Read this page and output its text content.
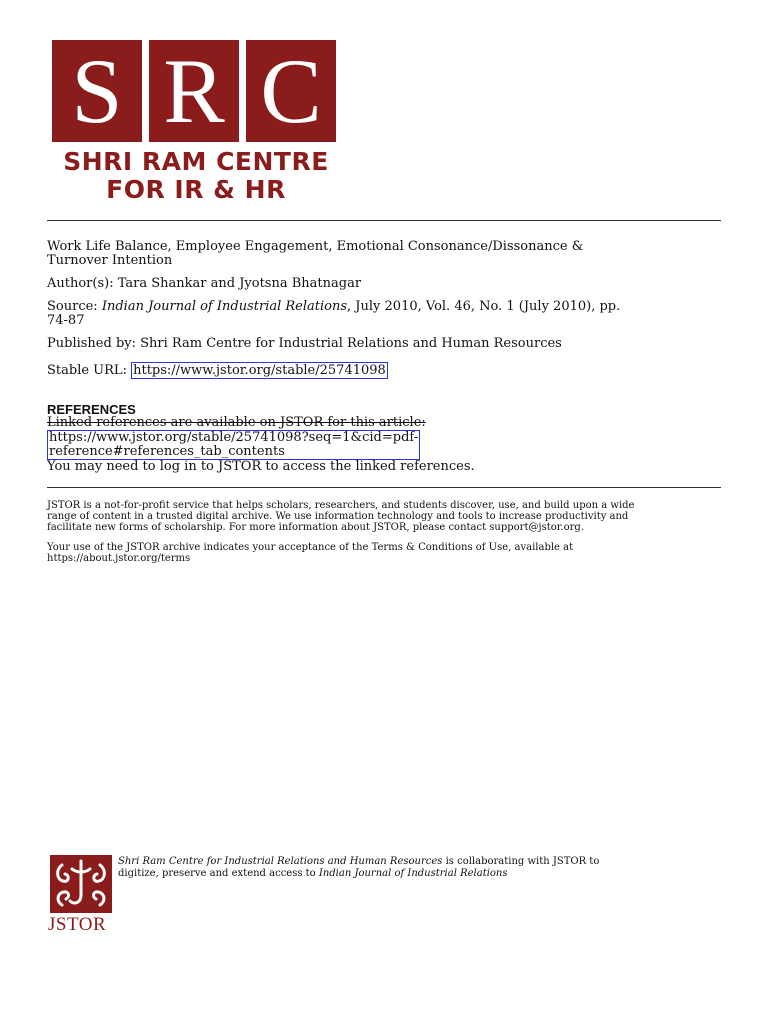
S R C
SHRI RAM CENTRE
FOR IR & HR
Work Life Balance, Employee Engagement, Emotional Consonance/Dissonance &
Turnover Intention
Author(s): Tara Shankar and Jyotsna Bhatnagar
Source: Indian Journal of Industrial Relations, July 2010, Vol. 46, No. 1 (July 2010), pp.
74-87
Published by: Shri Ram Centre for Industrial Relations and Human Resources
Stable URL: https://www.jstor.org/stable/25741098
REFERENCES
Linked references are available on JSTOR for this article:
https://www.jstor.org/stable/25741098?seq=1&cid=pdf-
reference#references_tab_contents
You may need to log in to JSTOR to access the linked references.
JSTOR is a not-for-profit service that helps scholars, researchers, and students discover, use, and build upon a wide
range of content in a trusted digital archive. We use information technology and tools to increase productivity and
facilitate new forms of scholarship. For more information about JSTOR, please contact support@jstor.org.
Your use of the JSTOR archive indicates your acceptance of the Terms & Conditions of Use, available at
https://about.jstor.org/terms
JSTOR
Shri Ram Centre for Industrial Relations and Human Resources is collaborating with JSTOR to
digitize, preserve and extend access to Indian Journal of Industrial Relations
